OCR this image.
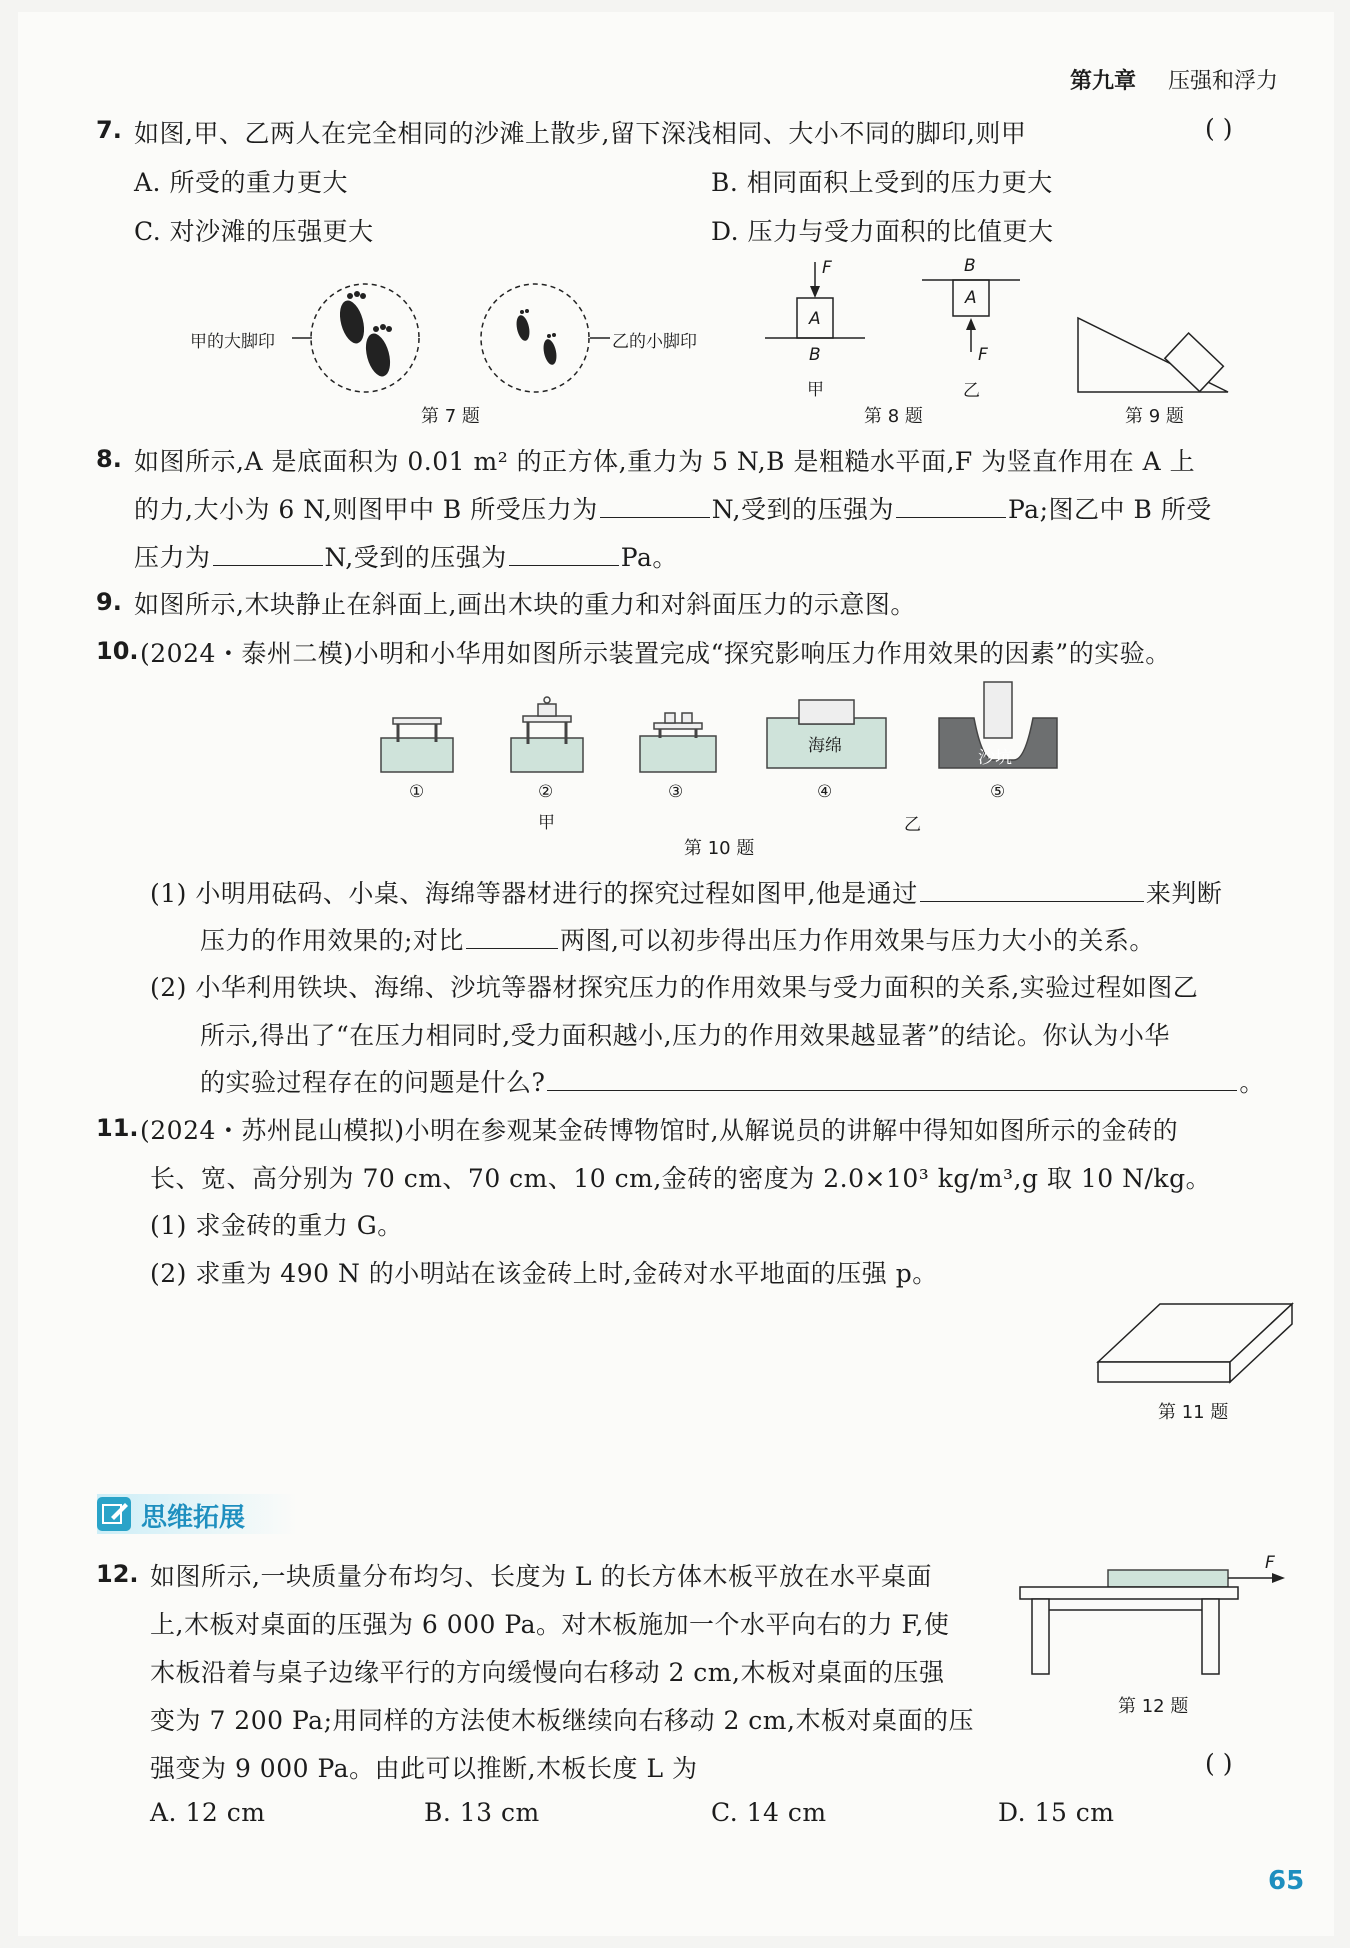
第九章 压强和浮力
7. 如图,甲、乙两人在完全相同的沙滩上散步,留下深浅相同、大小不同的脚印,则甲	( )
A. 所受的重力更大	B. 相同面积上受到的压力更大
C. 对沙滩的压强更大	D. 压力与受力面积的比值更大
甲的大脚印	乙的小脚印
第 7 题
F
A
B
甲
B
A
F
乙
第 8 题	第 9 题
8. 如图所示,A 是底面积为 0.01 m² 的正方体,重力为 5 N,B 是粗糙水平面,F 为竖直作用在 A 上
的力,大小为 6 N,则图甲中 B 所受压力为	N,受到的压强为	Pa;图乙中 B 所受
压力为	N,受到的压强为	Pa。
9. 如图所示,木块静止在斜面上,画出木块的重力和对斜面压力的示意图。
10. (2024・泰州二模)小明和小华用如图所示装置完成“探究影响压力作用效果的因素”的实验。
海绵
沙坑
①	②	③	④	⑤
甲	乙
第 10 题
(1) 小明用砝码、小桌、海绵等器材进行的探究过程如图甲,他是通过	来判断
压力的作用效果的;对比	两图,可以初步得出压力作用效果与压力大小的关系。
(2) 小华利用铁块、海绵、沙坑等器材探究压力的作用效果与受力面积的关系,实验过程如图乙
所示,得出了“在压力相同时,受力面积越小,压力的作用效果越显著”的结论。你认为小华
的实验过程存在的问题是什么?	。
11. (2024・苏州昆山模拟)小明在参观某金砖博物馆时,从解说员的讲解中得知如图所示的金砖的
长、宽、高分别为 70 cm、70 cm、10 cm,金砖的密度为 2.0×10³ kg/m³,g 取 10 N/kg。
(1) 求金砖的重力 G。
(2) 求重为 490 N 的小明站在该金砖上时,金砖对水平地面的压强 p。
第 11 题
思维拓展
12. 如图所示,一块质量分布均匀、长度为 L 的长方体木板平放在水平桌面
上,木板对桌面的压强为 6 000 Pa。对木板施加一个水平向右的力 F,使
木板沿着与桌子边缘平行的方向缓慢向右移动 2 cm,木板对桌面的压强
变为 7 200 Pa;用同样的方法使木板继续向右移动 2 cm,木板对桌面的压
强变为 9 000 Pa。由此可以推断,木板长度 L 为	( )
A. 12 cm	B. 13 cm	C. 14 cm	D. 15 cm
F
第 12 题
65
